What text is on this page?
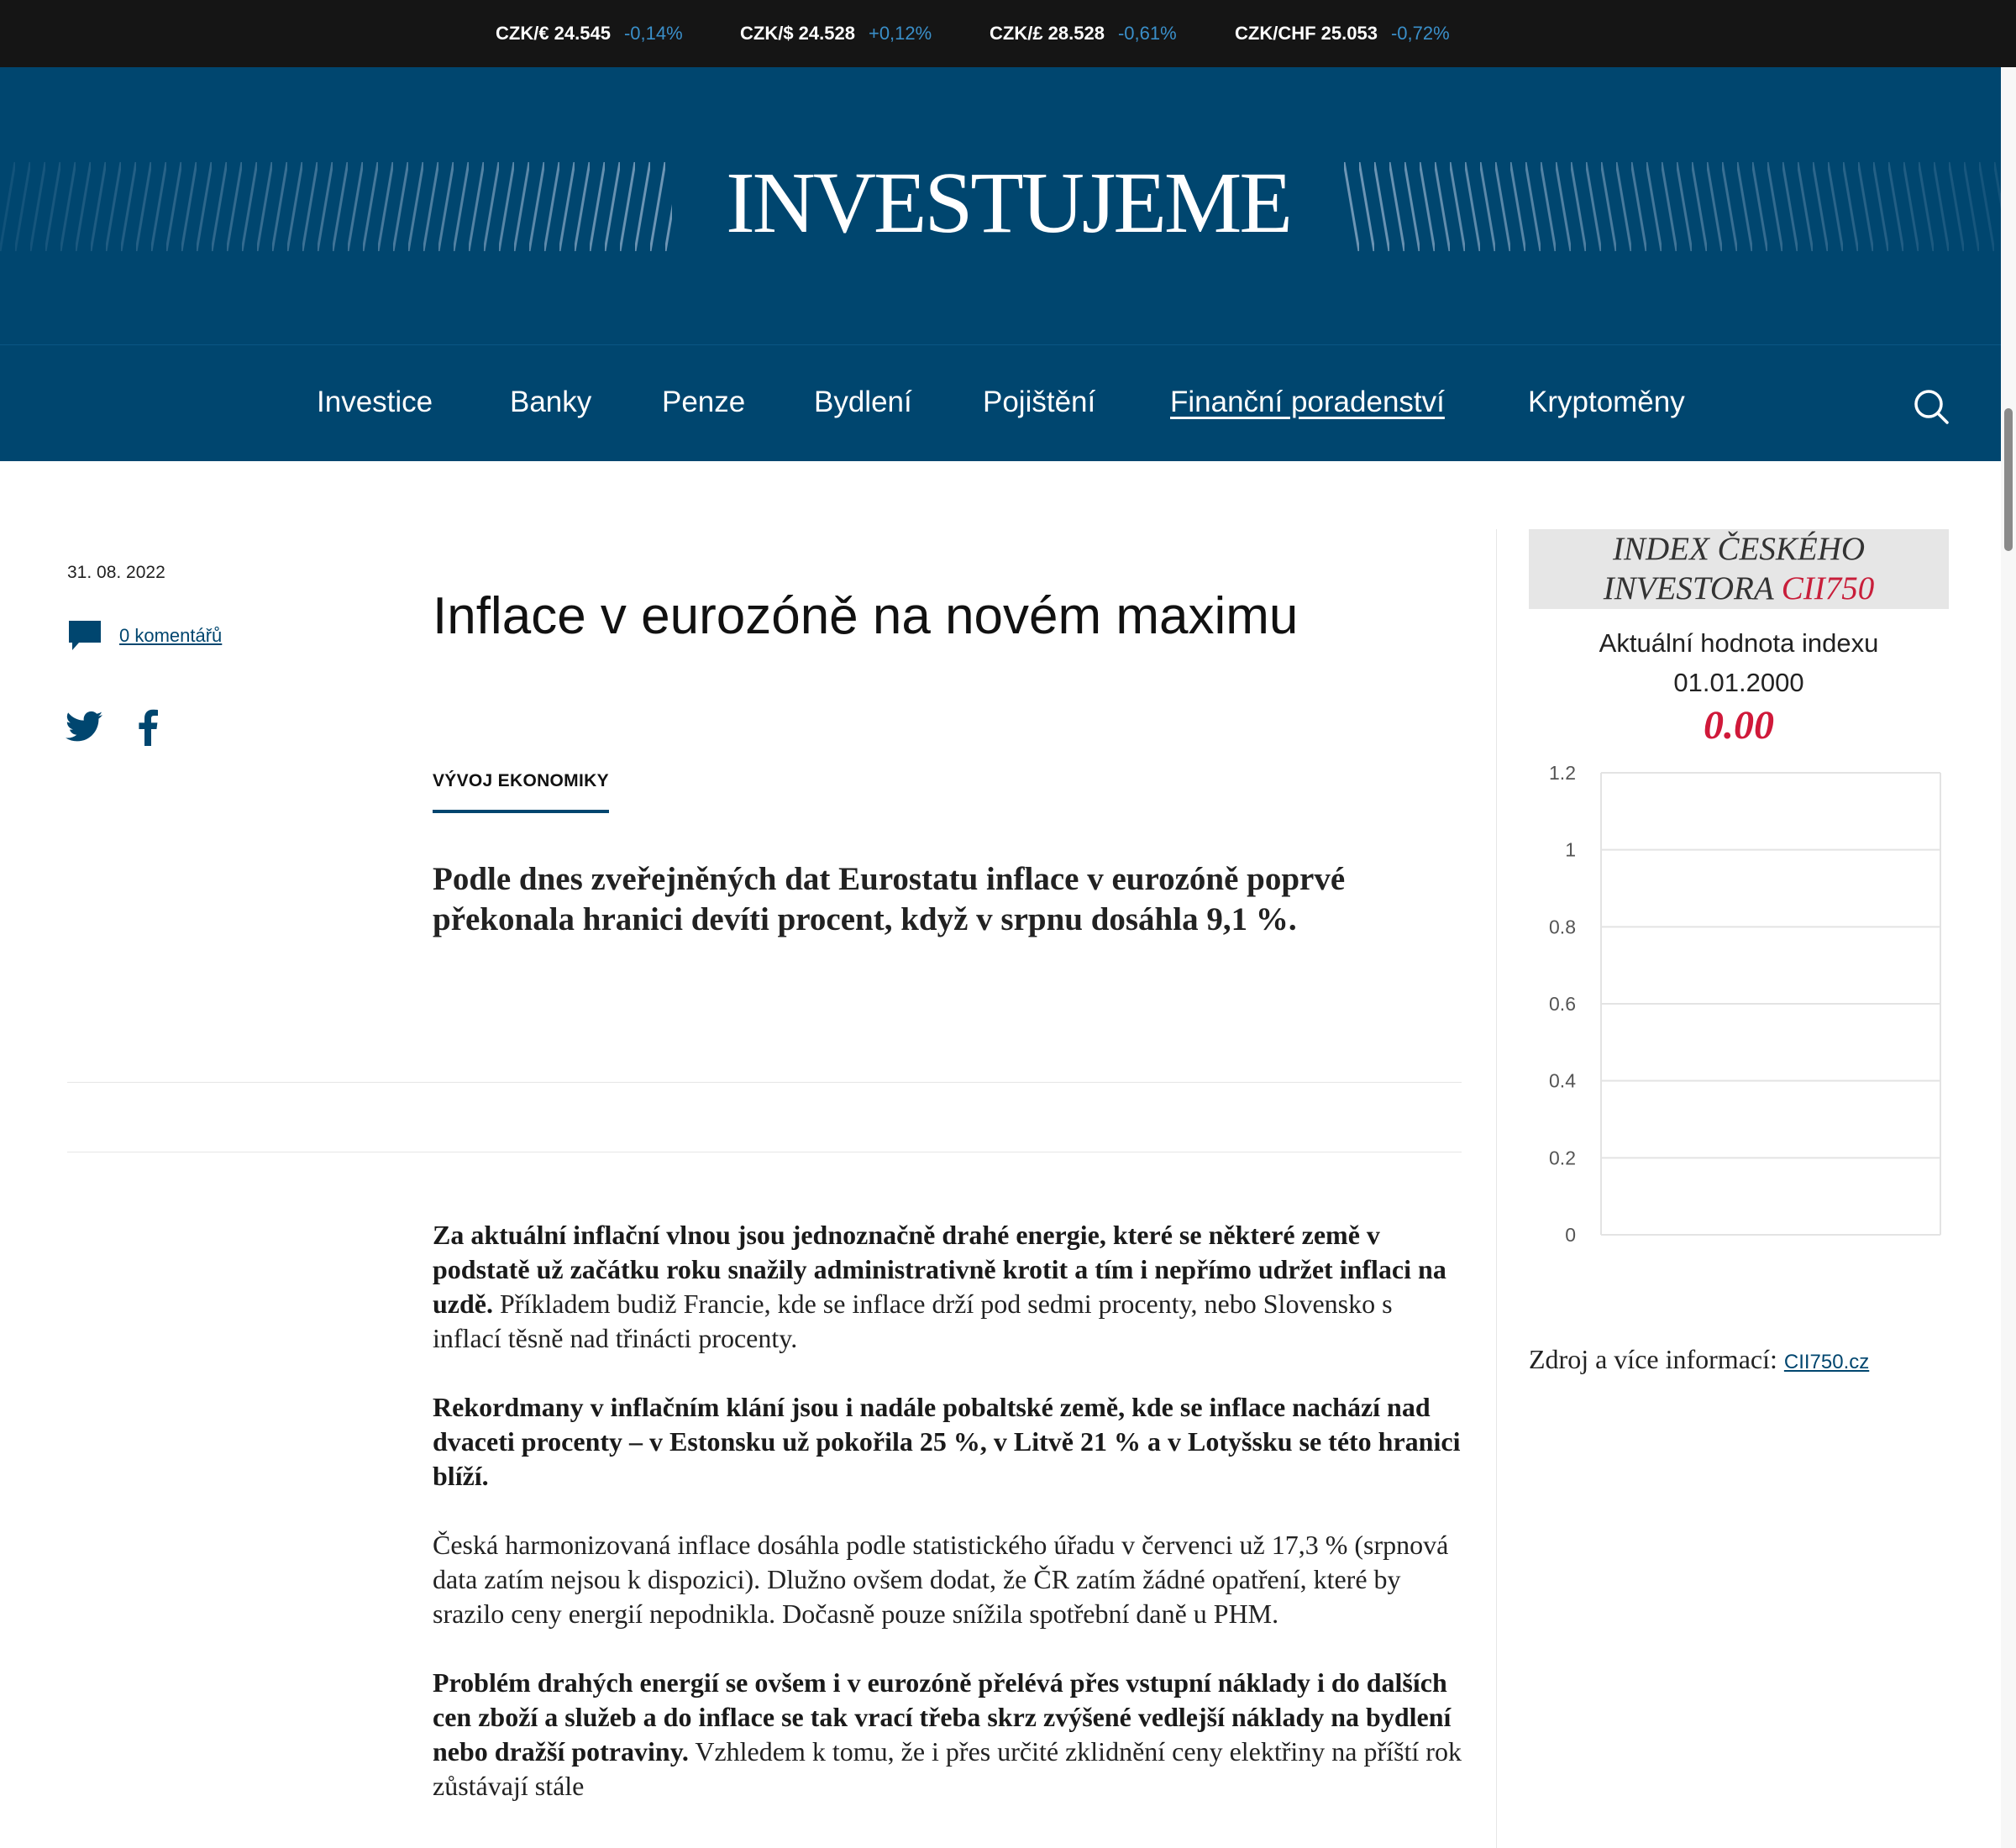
CZK/€ 24.545 -0,14%	CZK/$ 24.528 +0,12%	CZK/£ 28.528 -0,61%	CZK/CHF 25.053 -0,72%
INVESTUJEME
Investice	Banky Penze Bydlení Pojištění	Finanční poradenství	Kryptoměny
31. 08. 2022
0 komentářů	Inflace v eurozóně na novém maximu
VÝVOJ EKONOMIKY
Podle dnes zveřejněných dat Eurostatu inflace v eurozóně poprvé překonala hranici devíti procent, když v srpnu dosáhla 9,1 %.

Za aktuální inflační vlnou jsou jednoznačně drahé energie, které se některé země v podstatě už začátku roku snažily administrativně krotit a tím i nepřímo udržet inflaci na uzdě. Příkladem budiž Francie, kde se inflace drží pod sedmi procenty, nebo Slovensko s inflací těsně nad třinácti procenty.

Rekordmany v inflačním klání jsou i nadále pobaltské země, kde se inflace nachází nad dvaceti procenty – v Estonsku už pokořila 25 %, v Litvě 21 % a v Lotyšsku se této hranici blíží.

Česká harmonizovaná inflace dosáhla podle statistického úřadu v červenci už 17,3 % (srpnová data zatím nejsou k dispozici). Dlužno ovšem dodat, že ČR zatím žádné opatření, které by srazilo ceny energií nepodnikla. Dočasně pouze snížila spotřební daně u PHM.

Problém drahých energií se ovšem i v eurozóně přelévá přes vstupní náklady i do dalších cen zboží a služeb a do inflace se tak vrací třeba skrz zvýšené vedlejší náklady na bydlení nebo dražší potraviny. Vzhledem k tomu, že i přes určité zklidnění ceny elektřiny na příští rok zůstávají stále

INDEX ČESKÉHO
INVESTORA CII750
Aktuální hodnota indexu
01.01.2000
0.00
0
0.2
0.4
0.6
0.8
1
1.2
Zdroj a více informací: CII750.cz
